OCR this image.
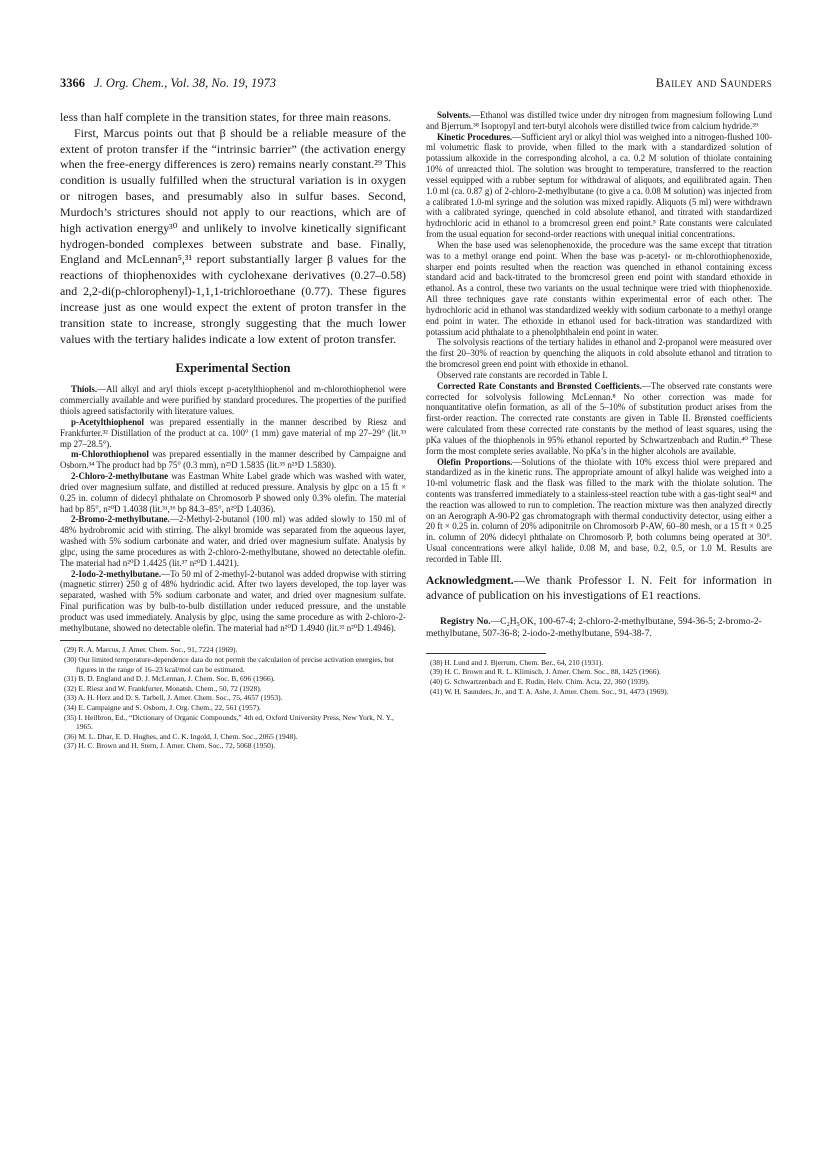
3366 J. Org. Chem., Vol. 38, No. 19, 1973	Bailey and Saunders

less than half complete in the transition states, for three main reasons.

First, Marcus points out that β should be a reliable measure of the extent of proton transfer if the “intrinsic barrier” (the activation energy when the free-energy differences is zero) remains nearly constant.²⁹ This condition is usually fulfilled when the structural variation is in oxygen or nitrogen bases, and presumably also in sulfur bases. Second, Murdoch’s strictures should not apply to our reactions, which are of high activation energy³⁰ and unlikely to involve kinetically significant hydrogen-bonded complexes between substrate and base. Finally, England and McLennan⁵,³¹ report substantially larger β values for the reactions of thiophenoxides with cyclohexane derivatives (0.27–0.58) and 2,2-di(p-chlorophenyl)-1,1,1-trichloroethane (0.77). These figures increase just as one would expect the extent of proton transfer in the transition state to increase, strongly suggesting that the much lower values with the tertiary halides indicate a low extent of proton transfer.

Experimental Section

Thiols.—All alkyl and aryl thiols except p-acetylthiophenol and m-chlorothiophenol were commercially available and were purified by standard procedures. The properties of the purified thiols agreed satisfactorily with literature values.

p-Acetylthiophenol was prepared essentially in the manner described by Riesz and Frankfurter.³² Distillation of the product at ca. 100° (1 mm) gave material of mp 27–29° (lit.³³ mp 27–28.5°).

m-Chlorothiophenol was prepared essentially in the manner described by Campaigne and Osborn.³⁴ The product had bp 75° (0.3 mm), n²⁵D 1.5835 (lit.³⁵ n²⁵D 1.5830).

2-Chloro-2-methylbutane was Eastman White Label grade which was washed with water, dried over magnesium sulfate, and distilled at reduced pressure. Analysis by glpc on a 15 ft × 0.25 in. column of didecyl phthalate on Chromosorb P showed only 0.3% olefin. The material had bp 85°, n²⁰D 1.4038 (lit.³¹,³⁶ bp 84.3–85°, n²⁰D 1.4036).

2-Bromo-2-methylbutane.—2-Methyl-2-butanol (100 ml) was added slowly to 150 ml of 48% hydrobromic acid with stirring. The alkyl bromide was separated from the aqueous layer, washed with 5% sodium carbonate and water, and dried over magnesium sulfate. Analysis by glpc, using the same procedures as with 2-chloro-2-methylbutane, showed no detectable olefin. The material had n²⁰D 1.4425 (lit.³⁷ n²⁰D 1.4421).

2-Iodo-2-methylbutane.—To 50 ml of 2-methyl-2-butanol was added dropwise with stirring (magnetic stirrer) 250 g of 48% hydriodic acid. After two layers developed, the top layer was separated, washed with 5% sodium carbonate and water, and dried over magnesium sulfate. Final purification was by bulb-to-bulb distillation under reduced pressure, and the unstable product was used immediately. Analysis by glpc, using the same procedure as with 2-chloro-2-methylbutane, showed no detectable olefin. The material had n²⁰D 1.4940 (lit.³² n²⁰D 1.4946).

(29) R. A. Marcus, J. Amer. Chem. Soc., 91, 7224 (1969).

(30) Our limited temperature-dependence data do not permit the calculation of precise activation energies, but figures in the range of 16–23 kcal/mol can be estimated.

(31) B. D. England and D. J. McLennan, J. Chem. Soc. B, 696 (1966).

(32) E. Riesz and W. Frankfurter, Monatsh. Chem., 50, 72 (1928).

(33) A. H. Herz and D. S. Tarbell, J. Amer. Chem. Soc., 75, 4657 (1953).

(34) E. Campaigne and S. Osborn, J. Org. Chem., 22, 561 (1957).

(35) I. Heilbron, Ed., “Dictionary of Organic Compounds,” 4th ed, Oxford University Press, New York, N. Y., 1965.

(36) M. L. Dhar, E. D. Hughes, and C. K. Ingold, J. Chem. Soc., 2065 (1948).

(37) H. C. Brown and H. Stern, J. Amer. Chem. Soc., 72, 5068 (1950).

Solvents.—Ethanol was distilled twice under dry nitrogen from magnesium following Lund and Bjerrum.³⁸ Isopropyl and tert-butyl alcohols were distilled twice from calcium hydride.³⁹

Kinetic Procedures.—Sufficient aryl or alkyl thiol was weighed into a nitrogen-flushed 100-ml volumetric flask to provide, when filled to the mark with a standardized solution of potassium alkoxide in the corresponding alcohol, a ca. 0.2 M solution of thiolate containing 10% of unreacted thiol. The solution was brought to temperature, transferred to the reaction vessel equipped with a rubber septum for withdrawal of aliquots, and equilibrated again. Then 1.0 ml (ca. 0.87 g) of 2-chloro-2-methylbutane (to give a ca. 0.08 M solution) was injected from a calibrated 1.0-ml syringe and the solution was mixed rapidly. Aliquots (5 ml) were withdrawn with a calibrated syringe, quenched in cold absolute ethanol, and titrated with standardized hydrochloric acid in ethanol to a bromcresol green end point.⁵ Rate constants were calculated from the usual equation for second-order reactions with unequal initial concentrations.

When the base used was selenophenoxide, the procedure was the same except that titration was to a methyl orange end point. When the base was p-acetyl- or m-chlorothiophenoxide, sharper end points resulted when the reaction was quenched in ethanol containing excess standard acid and back-titrated to the bromcresol green end point with standard ethoxide in ethanol. As a control, these two variants on the usual technique were tried with thiophenoxide. All three techniques gave rate constants within experimental error of each other. The hydrochloric acid in ethanol was standardized weekly with sodium carbonate to a methyl orange end point in water. The ethoxide in ethanol used for back-titration was standardized with potassium acid phthalate to a phenolphthalein end point in water.

The solvolysis reactions of the tertiary halides in ethanol and 2-propanol were measured over the first 20–30% of reaction by quenching the aliquots in cold absolute ethanol and titration to the bromcresol green end point with ethoxide in ethanol.

Observed rate constants are recorded in Table I.

Corrected Rate Constants and Brønsted Coefficients.—The observed rate constants were corrected for solvolysis following McLennan.⁸ No other correction was made for nonquantitative olefin formation, as all of the 5–10% of substitution product arises from the first-order reaction. The corrected rate constants are given in Table II. Brønsted coefficients were calculated from these corrected rate constants by the method of least squares, using the pKa values of the thiophenols in 95% ethanol reported by Schwartzenbach and Rudin.⁴⁰ These form the most complete series available. No pKa’s in the higher alcohols are available.

Olefin Proportions.—Solutions of the thiolate with 10% excess thiol were prepared and standardized as in the kinetic runs. The appropriate amount of alkyl halide was weighed into a 10-ml volumetric flask and the flask was filled to the mark with the thiolate solution. The contents was transferred immediately to a stainless-steel reaction tube with a gas-tight seal⁴¹ and the reaction was allowed to run to completion. The reaction mixture was then analyzed directly on an Aerograph A-90-P2 gas chromatograph with thermal conductivity detector, using either a 20 ft × 0.25 in. column of 20% adiponitrile on Chromosorb P-AW, 60–80 mesh, or a 15 ft × 0.25 in. column of 20% didecyl phthalate on Chromosorb P, both columns being operated at 30°. Usual concentrations were alkyl halide, 0.08 M, and base, 0.2, 0.5, or 1.0 M. Results are recorded in Table III.

Acknowledgment.—We thank Professor I. N. Feit for information in advance of publication on his investigations of E1 reactions.

Registry No.—C₂H₅OK, 100-67-4; 2-chloro-2-methylbutane, 594-36-5; 2-bromo-2-methylbutane, 507-36-8; 2-iodo-2-methylbutane, 594-38-7.

(38) H. Lund and J. Bjerrum, Chem. Ber., 64, 210 (1931).

(39) H. C. Brown and R. L. Klimisch, J. Amer. Chem. Soc., 88, 1425 (1966).

(40) G. Schwartzenbach and E. Rudin, Helv. Chim. Acta, 22, 360 (1939).

(41) W. H. Saunders, Jr., and T. A. Ashe, J. Amer. Chem. Soc., 91, 4473 (1969).
